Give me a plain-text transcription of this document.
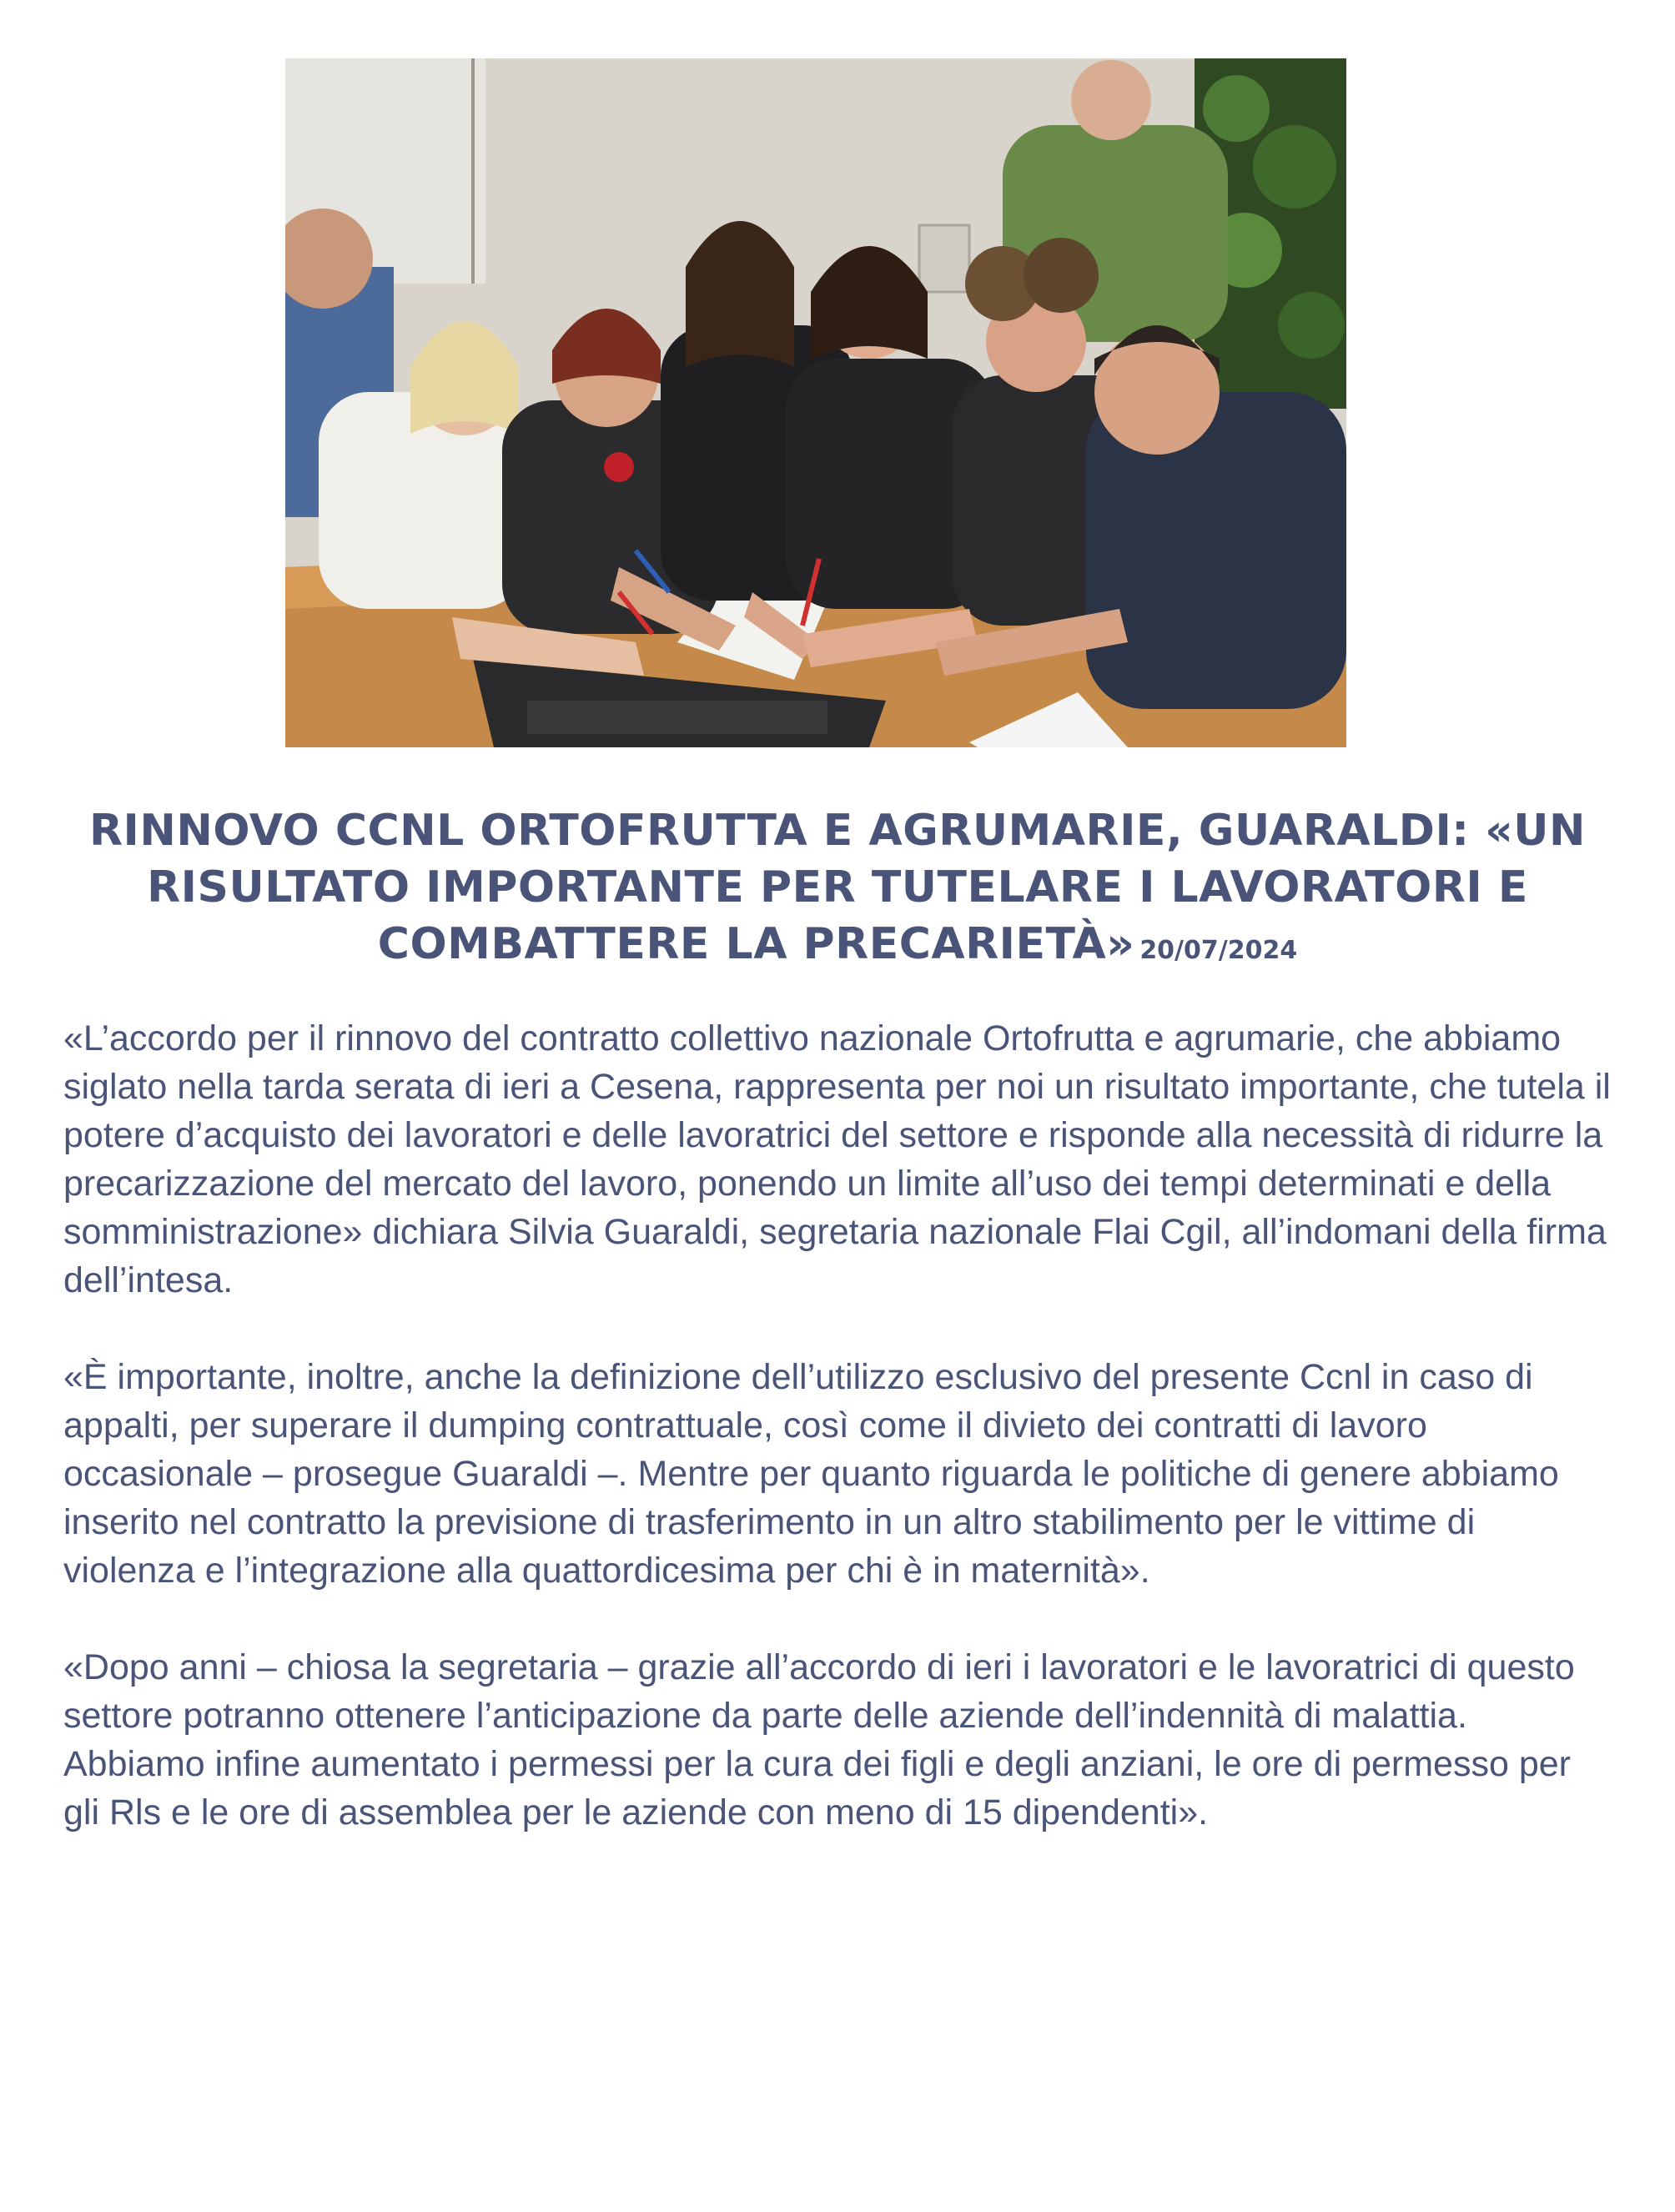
RINNOVO CCNL ORTOFRUTTA E AGRUMARIE, GUARALDI: «UN RISULTATO IMPORTANTE PER TUTELARE I LAVORATORI E COMBATTERE LA PRECARIETÀ» 20/07/2024

«L’accordo per il rinnovo del contratto collettivo nazionale Ortofrutta e agrumarie, che abbiamo siglato nella tarda serata di ieri a Cesena, rappresenta per noi un risultato importante, che tutela il potere d’acquisto dei lavoratori e delle lavoratrici del settore e risponde alla necessità di ridurre la precarizzazione del mercato del lavoro, ponendo un limite all’uso dei tempi determinati e della somministrazione» dichiara Silvia Guaraldi, segretaria nazionale Flai Cgil, all’indomani della firma dell’intesa.

«È importante, inoltre, anche la definizione dell’utilizzo esclusivo del presente Ccnl in caso di appalti, per superare il dumping contrattuale, così come il divieto dei contratti di lavoro occasionale – prosegue Guaraldi –. Mentre per quanto riguarda le politiche di genere abbiamo inserito nel contratto la previsione di trasferimento in un altro stabilimento per le vittime di violenza e l’integrazione alla quattordicesima per chi è in maternità».

«Dopo anni – chiosa la segretaria – grazie all’accordo di ieri i lavoratori e le lavoratrici di questo settore potranno ottenere l’anticipazione da parte delle aziende dell’indennità di malattia. Abbiamo infine aumentato i permessi per la cura dei figli e degli anziani, le ore di permesso per gli Rls e le ore di assemblea per le aziende con meno di 15 dipendenti».
